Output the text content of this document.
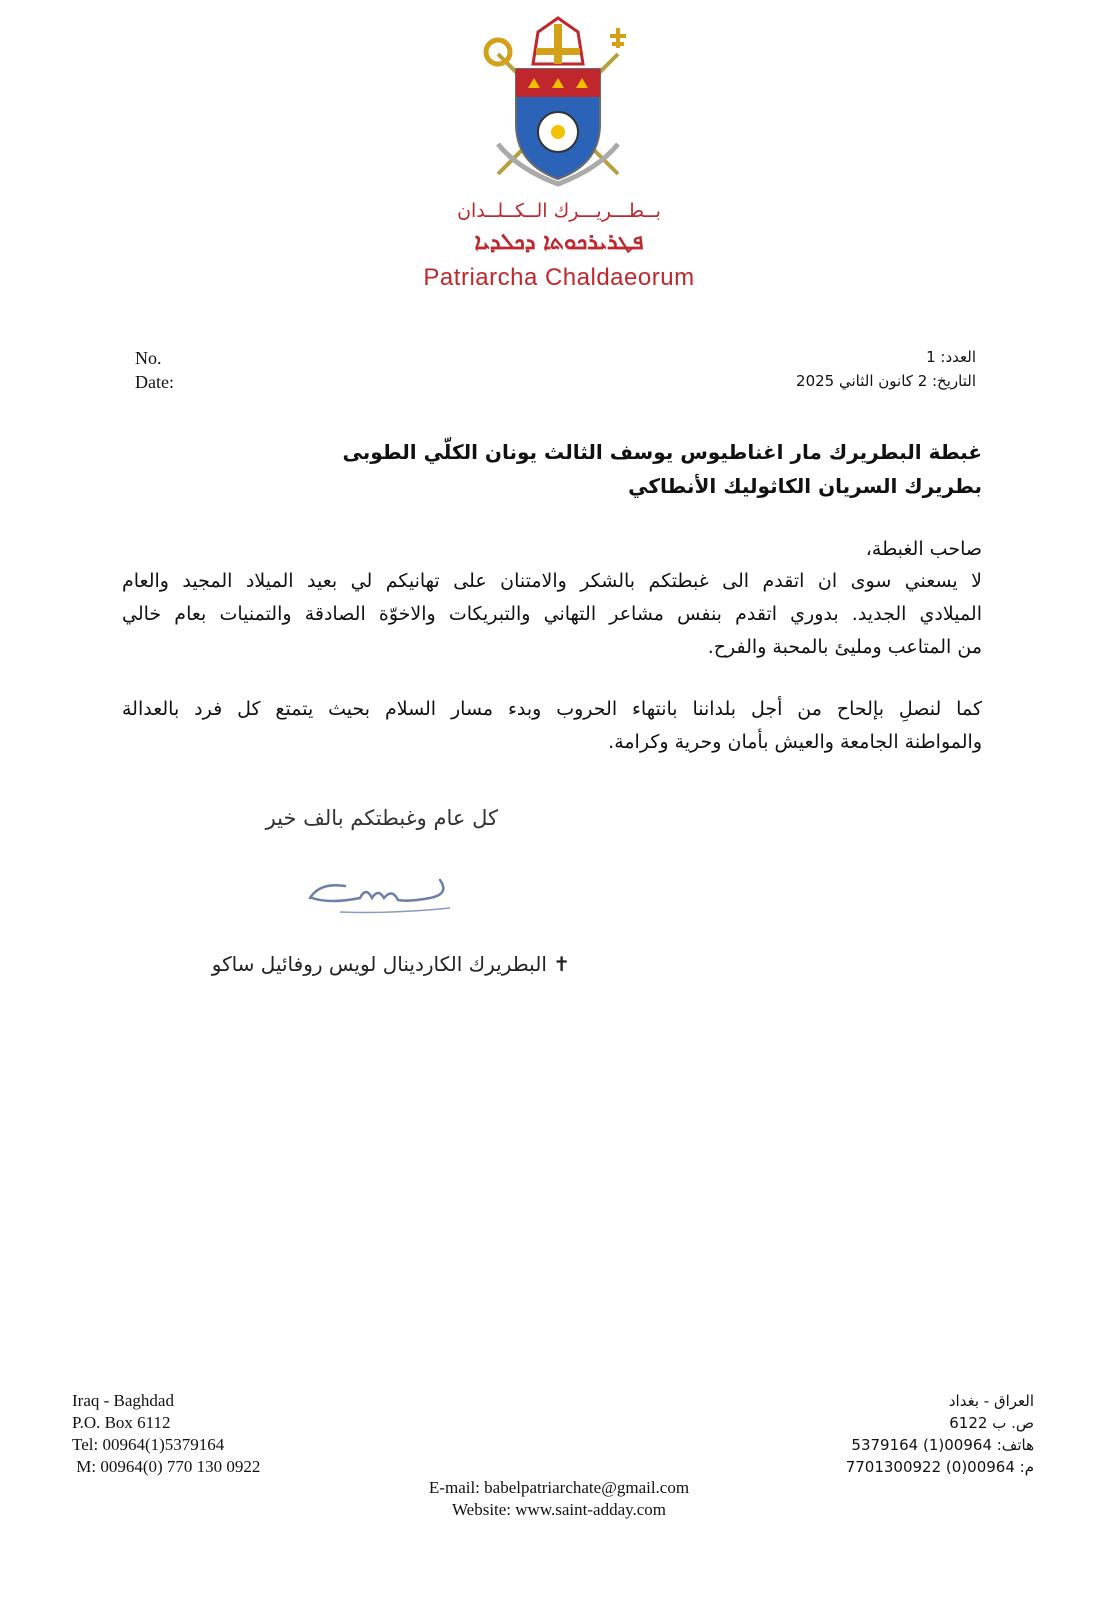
بــطـــريـــرك الــكــلــدان
ܦܛܪܝܪܟܘܬܐ ܕܟܠܕܝܐ
Patriarcha Chaldaeorum
No.
Date:
العدد: 1
التاريخ: 2 كانون الثاني 2025
غبطة البطريرك مار اغناطيوس يوسف الثالث يونان الكلّي الطوبى
بطريرك السريان الكاثوليك الأنطاكي
صاحب الغبطة،
لا يسعني سوى ان اتقدم الى غبطتكم بالشكر والامتنان على تهانيكم لي بعيد الميلاد المجيد والعام
الميلادي الجديد. بدوري اتقدم بنفس مشاعر التهاني والتبريكات والاخوّة الصادقة والتمنيات بعام خالي
من المتاعب ومليئ بالمحبة والفرح.
كما لنصلِ بإلحاح من أجل بلداننا بانتهاء الحروب وبدء مسار السلام بحيث يتمتع كل فرد بالعدالة
والمواطنة الجامعة والعيش بأمان وحرية وكرامة.
كل عام وغبطتكم بالف خير
✝ البطريرك الكاردينال لويس روفائيل ساكو
Iraq - Baghdad
P.O. Box 6112
Tel: 00964(1)5379164
M: 00964(0) 770 130 0922
العراق - بغداد
ص. ب 6122
هاتف: 00964(1) 5379164
م: 00964(0) 7701300922
E-mail: babelpatriarchate@gmail.com
Website: www.saint-adday.com
